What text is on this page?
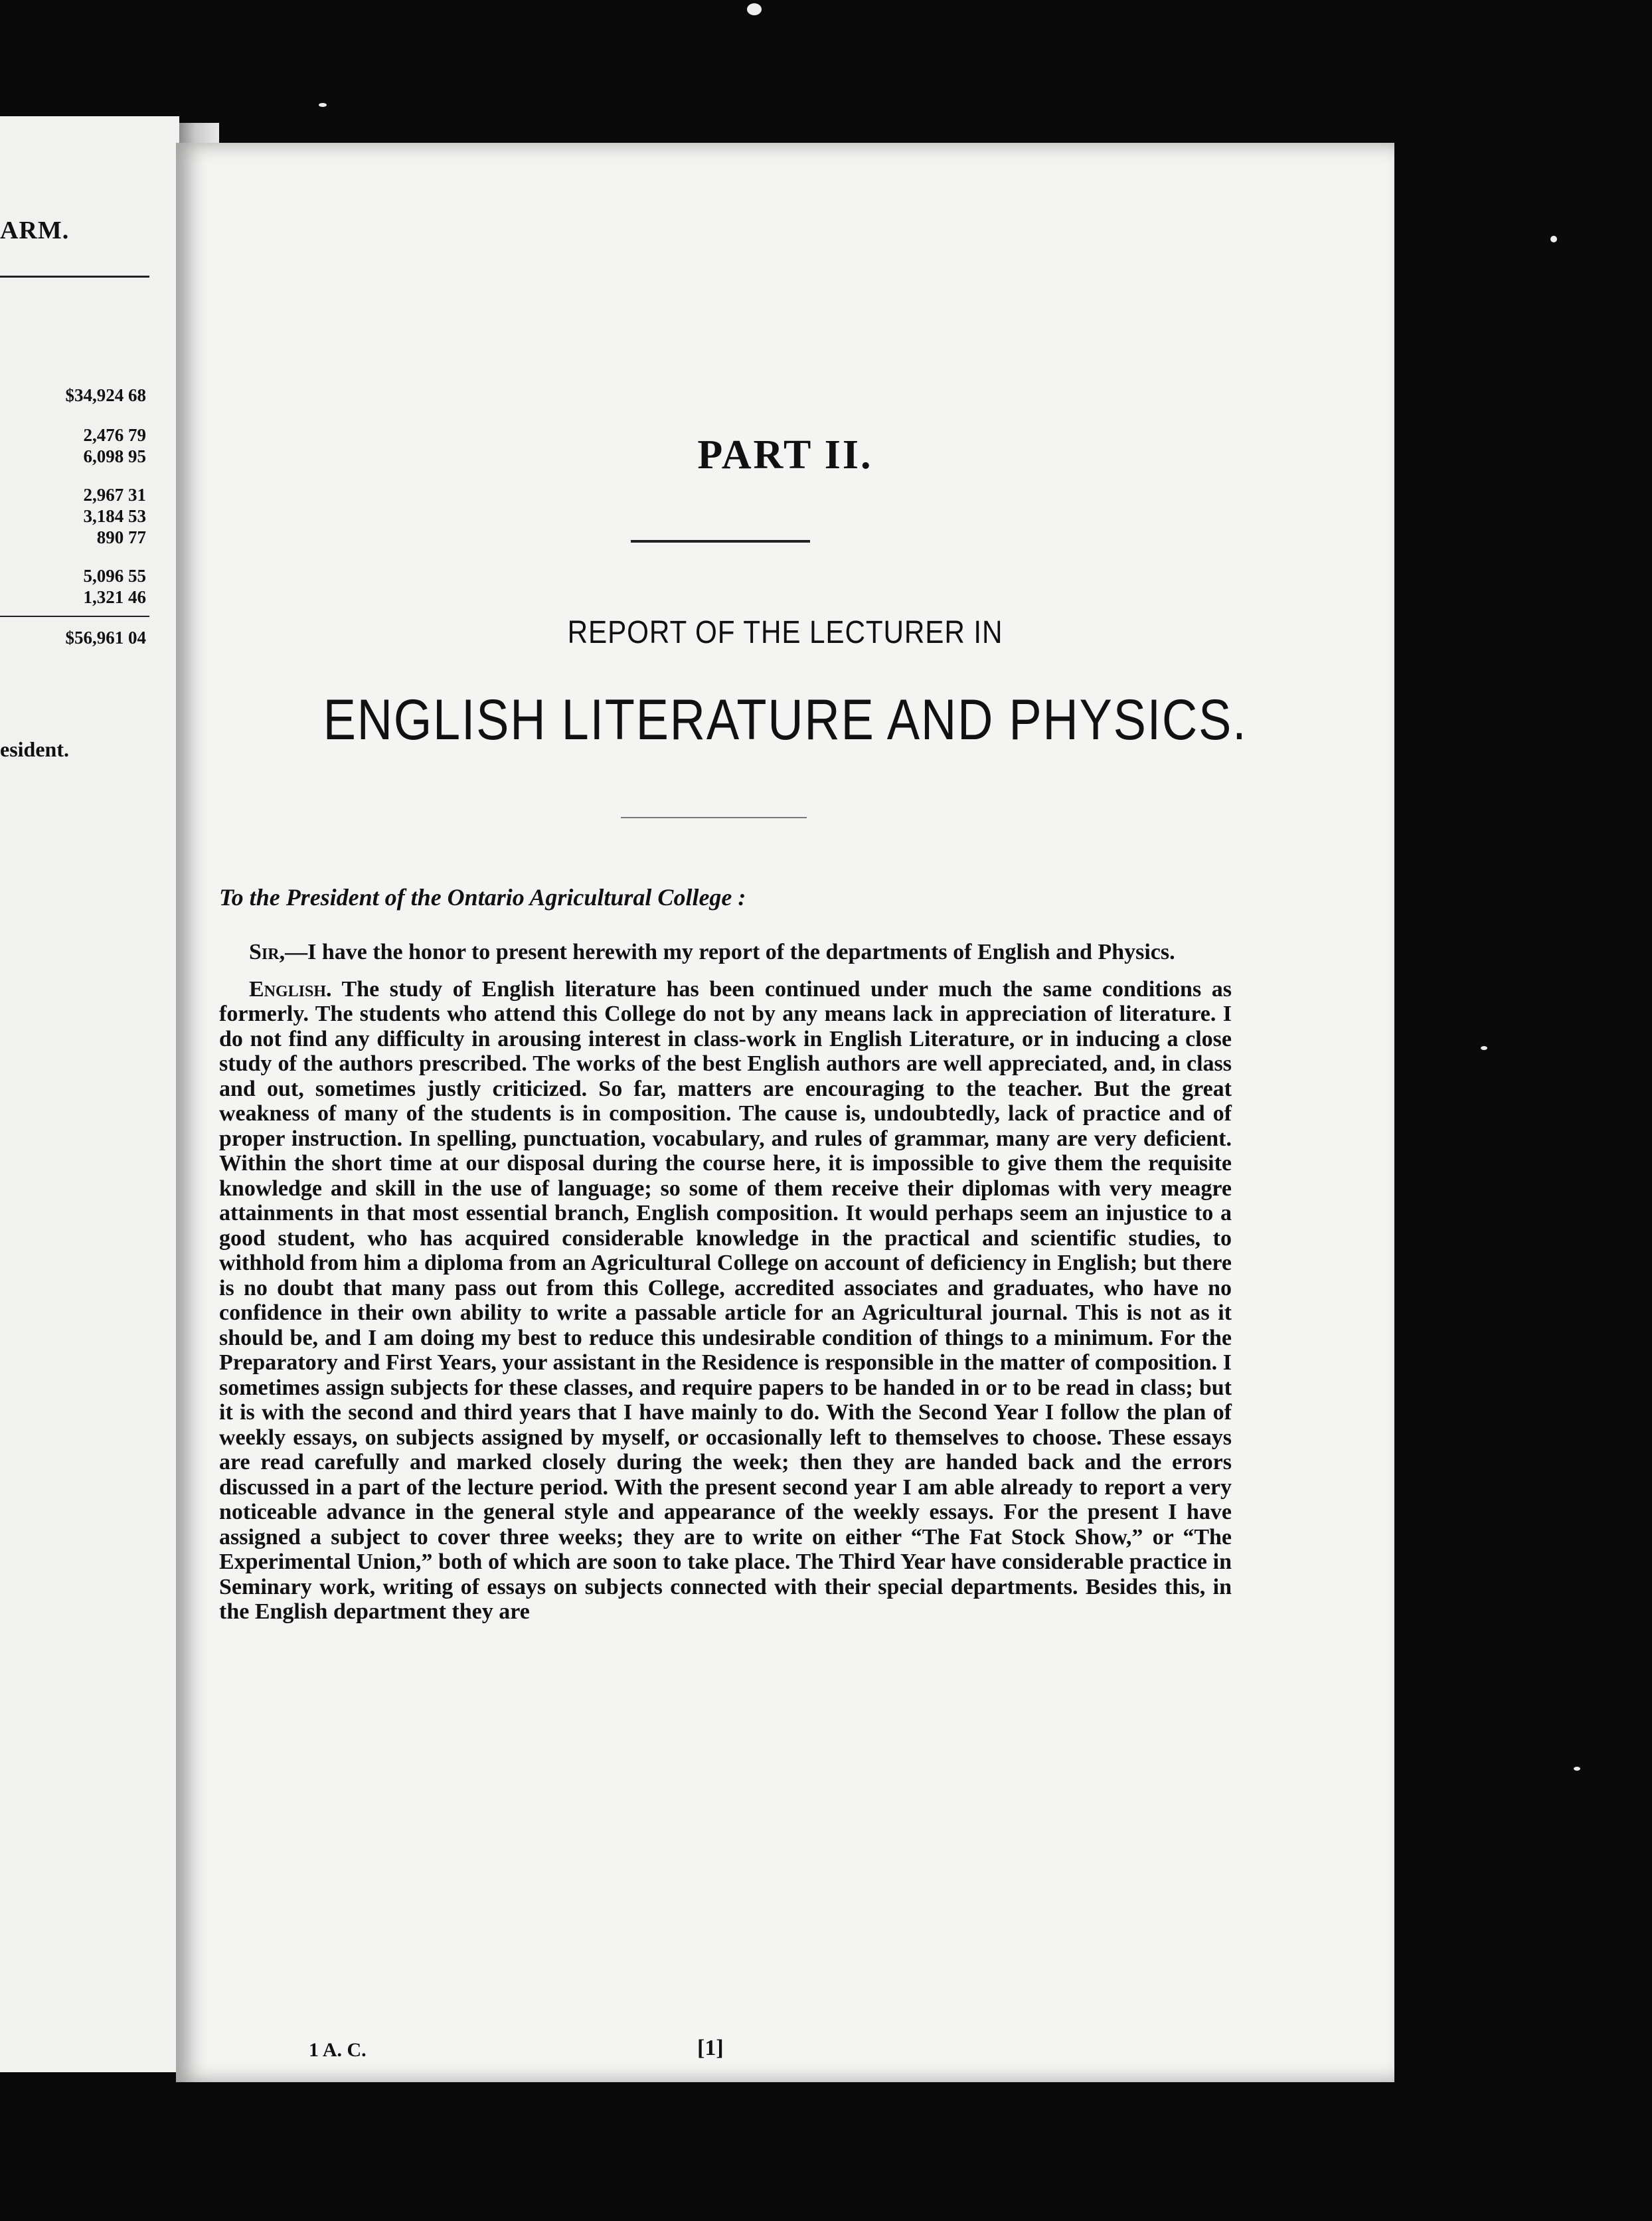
ARM.
$34,924 68
2,476 79
6,098 95
2,967 31
3,184 53
890 77
5,096 55
1,321 46
$56,961 04
esident.
PART II.
REPORT OF THE LECTURER IN
ENGLISH LITERATURE AND PHYSICS.
To the President of the Ontario Agricultural College :

Sir,—I have the honor to present herewith my report of the departments of English and Physics.

English. The study of English literature has been continued under much the same conditions as formerly. The students who attend this College do not by any means lack in appreciation of literature. I do not find any difficulty in arousing interest in class-work in English Literature, or in inducing a close study of the authors prescribed. The works of the best English authors are well appreciated, and, in class and out, sometimes justly criticized. So far, matters are encouraging to the teacher. But the great weakness of many of the students is in composition. The cause is, undoubtedly, lack of practice and of proper instruction. In spelling, punctuation, vocabulary, and rules of grammar, many are very deficient. Within the short time at our disposal during the course here, it is impossible to give them the requisite knowledge and skill in the use of language; so some of them receive their diplomas with very meagre attainments in that most essential branch, English composition. It would perhaps seem an injustice to a good student, who has acquired considerable knowledge in the practical and scientific studies, to withhold from him a diploma from an Agricultural College on account of deficiency in English; but there is no doubt that many pass out from this College, accredited associates and graduates, who have no confidence in their own ability to write a passable article for an Agricultural journal. This is not as it should be, and I am doing my best to reduce this undesirable condition of things to a minimum. For the Preparatory and First Years, your assistant in the Residence is responsible in the matter of composition. I sometimes assign subjects for these classes, and require papers to be handed in or to be read in class; but it is with the second and third years that I have mainly to do. With the Second Year I follow the plan of weekly essays, on subjects assigned by myself, or occasionally left to themselves to choose. These essays are read carefully and marked closely during the week; then they are handed back and the errors discussed in a part of the lecture period. With the present second year I am able already to report a very noticeable advance in the general style and appearance of the weekly essays. For the present I have assigned a subject to cover three weeks; they are to write on either “The Fat Stock Show,” or “The Experimental Union,” both of which are soon to take place. The Third Year have considerable practice in Seminary work, writing of essays on subjects connected with their special departments. Besides this, in the English department they are

1 A. C.	[1]
